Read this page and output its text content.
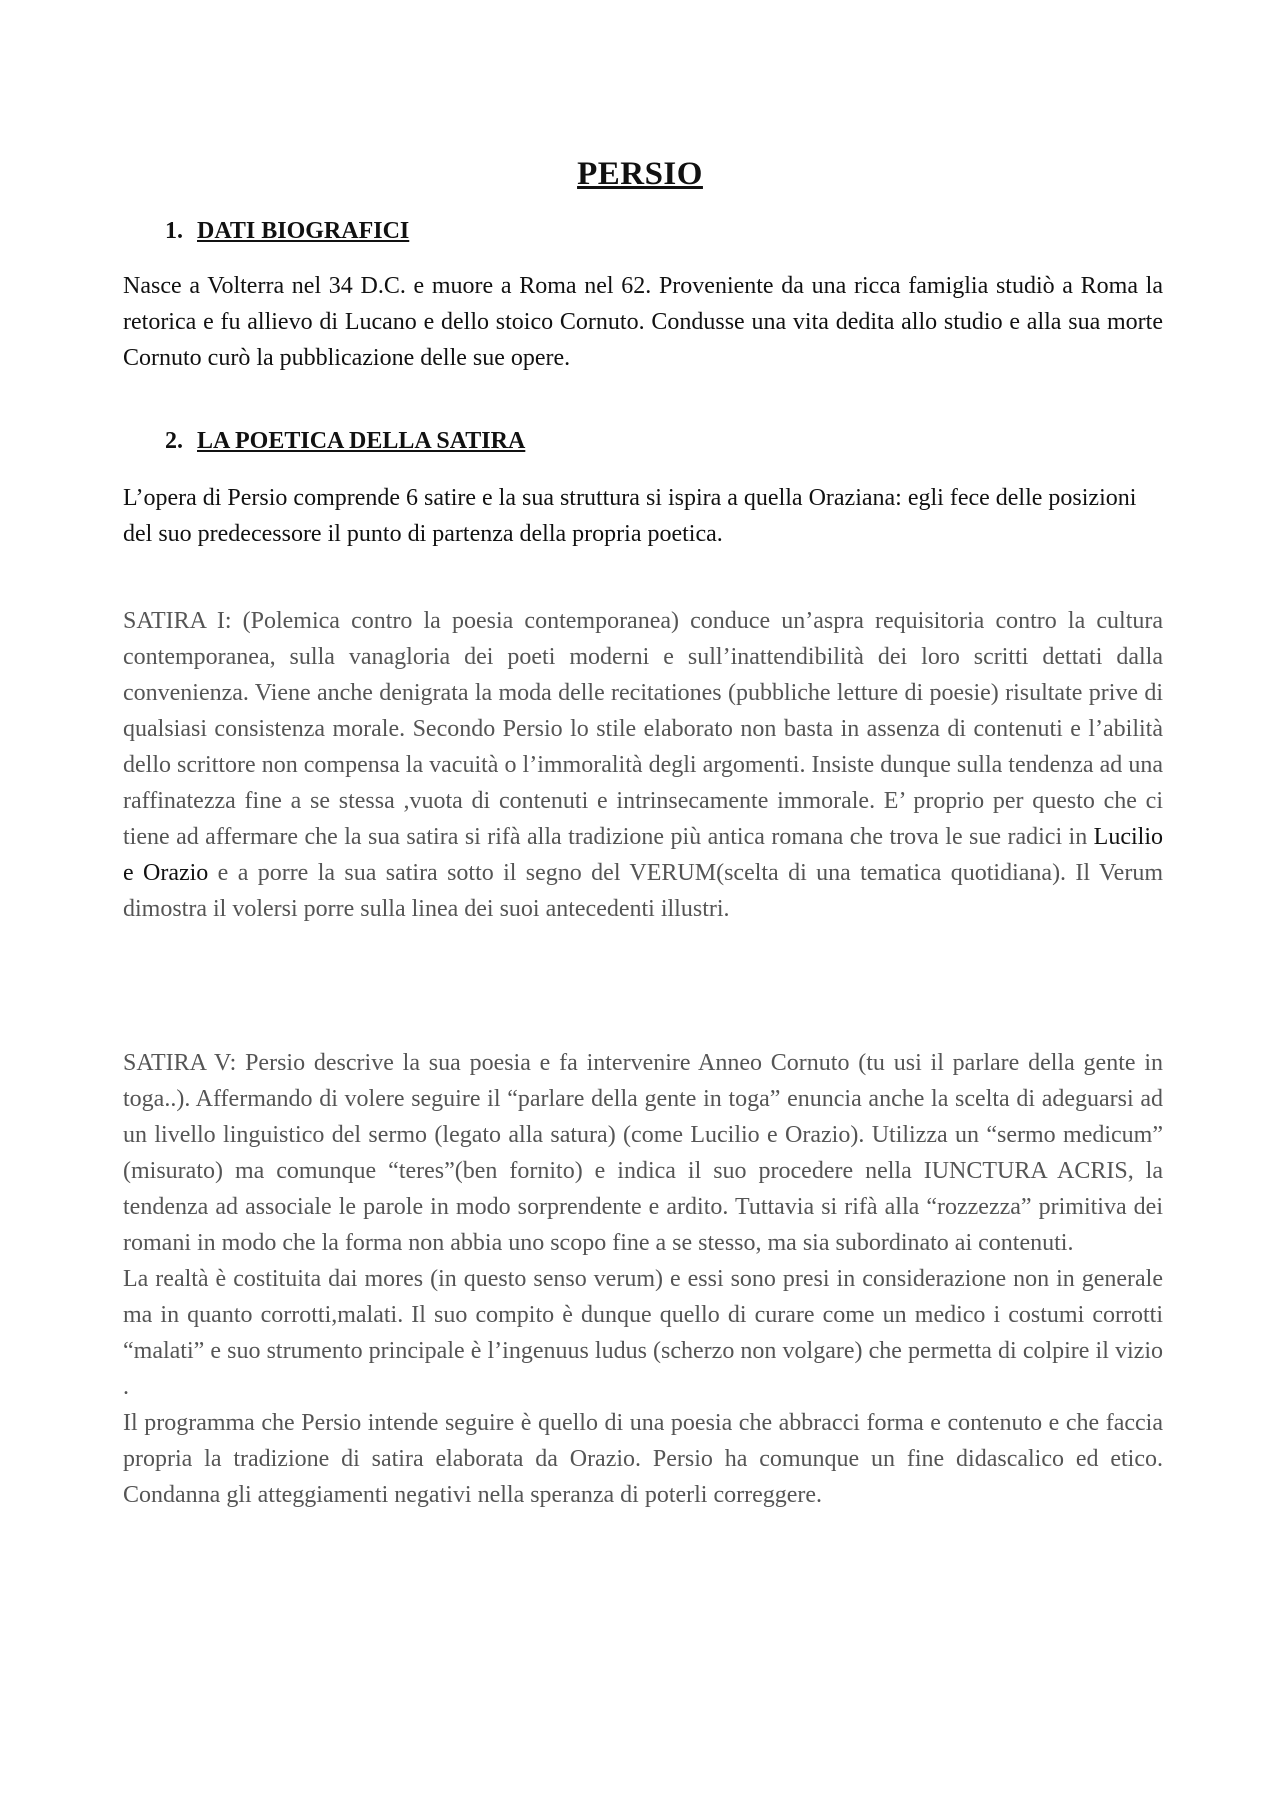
PERSIO
1. DATI BIOGRAFICI

Nasce a Volterra nel 34 D.C. e muore a Roma nel 62. Proveniente da una ricca famiglia studiò a Roma la retorica e fu allievo di Lucano e dello stoico Cornuto. Condusse una vita dedita allo studio e alla sua morte Cornuto curò la pubblicazione delle sue opere.

2. LA POETICA DELLA SATIRA

L’opera di Persio comprende 6 satire e la sua struttura si ispira a quella Oraziana: egli fece delle posizioni del suo predecessore il punto di partenza della propria poetica.

SATIRA I: (Polemica contro la poesia contemporanea) conduce un’aspra requisitoria contro la cultura contemporanea, sulla vanagloria dei poeti moderni e sull’inattendibilità dei loro scritti dettati dalla convenienza. Viene anche denigrata la moda delle recitationes (pubbliche letture di poesie) risultate prive di qualsiasi consistenza morale. Secondo Persio lo stile elaborato non basta in assenza di contenuti e l’abilità dello scrittore non compensa la vacuità o l’immoralità degli argomenti. Insiste dunque sulla tendenza ad una raffinatezza fine a se stessa ,vuota di contenuti e intrinsecamente immorale. E’ proprio per questo che ci tiene ad affermare che la sua satira si rifà alla tradizione più antica romana che trova le sue radici in Lucilio e Orazio e a porre la sua satira sotto il segno del VERUM(scelta di una tematica quotidiana). Il Verum dimostra il volersi porre sulla linea dei suoi antecedenti illustri.

SATIRA V: Persio descrive la sua poesia e fa intervenire Anneo Cornuto (tu usi il parlare della gente in toga..). Affermando di volere seguire il “parlare della gente in toga” enuncia anche la scelta di adeguarsi ad un livello linguistico del sermo (legato alla satura) (come Lucilio e Orazio). Utilizza un “sermo medicum” (misurato) ma comunque “teres”(ben fornito) e indica il suo procedere nella IUNCTURA ACRIS, la tendenza ad associale le parole in modo sorprendente e ardito. Tuttavia si rifà alla “rozzezza” primitiva dei romani in modo che la forma non abbia uno scopo fine a se stesso, ma sia subordinato ai contenuti.

La realtà è costituita dai mores (in questo senso verum) e essi sono presi in considerazione non in generale ma in quanto corrotti,malati. Il suo compito è dunque quello di curare come un medico i costumi corrotti “malati” e suo strumento principale è l’ingenuus ludus (scherzo non volgare) che permetta di colpire il vizio .

Il programma che Persio intende seguire è quello di una poesia che abbracci forma e contenuto e che faccia propria la tradizione di satira elaborata da Orazio. Persio ha comunque un fine didascalico ed etico. Condanna gli atteggiamenti negativi nella speranza di poterli correggere.
